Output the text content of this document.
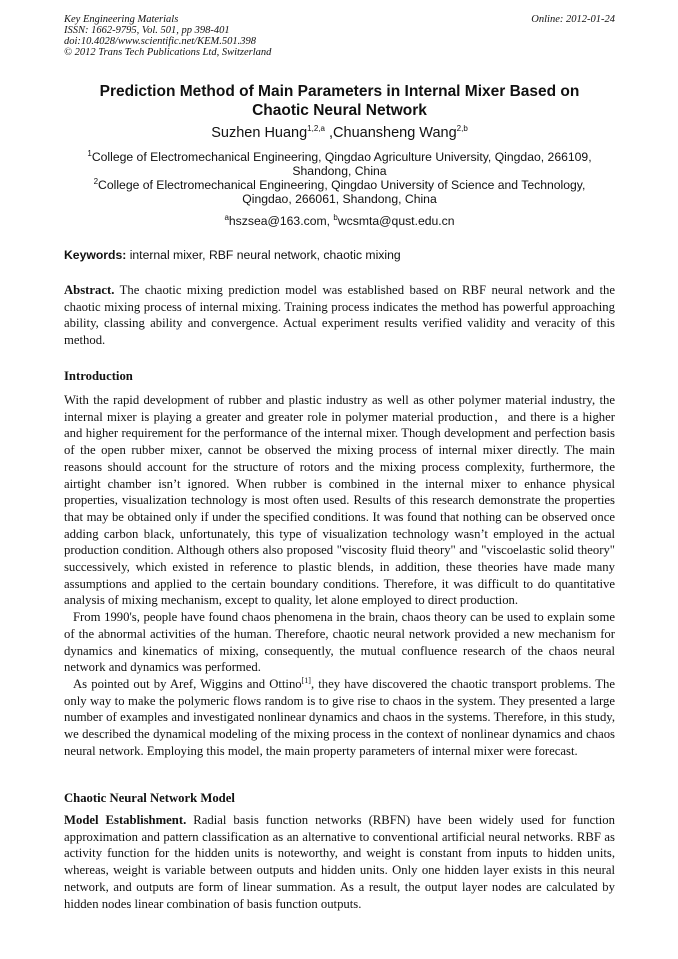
Key Engineering Materials
ISSN: 1662-9795, Vol. 501, pp 398-401
doi:10.4028/www.scientific.net/KEM.501.398
© 2012 Trans Tech Publications Ltd, Switzerland
Online: 2012-01-24
Prediction Method of Main Parameters in Internal Mixer Based on
Chaotic Neural Network
Suzhen Huang$^{1,2,a}$ ,Chuansheng Wang$^{2,b}$
$^1$College of Electromechanical Engineering, Qingdao Agriculture University, Qingdao, 266109,
Shandong, China
$^2$College of Electromechanical Engineering, Qingdao University of Science and Technology,
Qingdao, 266061, Shandong, China
$^a$hszsea@163.com, $^b$wcsmta@qust.edu.cn
Keywords: internal mixer, RBF neural network, chaotic mixing
Abstract. The chaotic mixing prediction model was established based on RBF neural network and the chaotic mixing process of internal mixing. Training process indicates the method has powerful approaching ability, classing ability and convergence. Actual experiment results verified validity and veracity of this method.
Introduction
With the rapid development of rubber and plastic industry as well as other polymer material industry, the internal mixer is playing a greater and greater role in polymer material production，and there is a higher and higher requirement for the performance of the internal mixer. Though development and perfection basis of the open rubber mixer, cannot be observed the mixing process of internal mixer directly. The main reasons should account for the structure of rotors and the mixing process complexity, furthermore, the airtight chamber isn’t ignored. When rubber is combined in the internal mixer to enhance physical properties, visualization technology is most often used. Results of this research demonstrate the properties that may be obtained only if under the specified conditions. It was found that nothing can be observed once adding carbon black, unfortunately, this type of visualization technology wasn’t employed in the actual production condition. Although others also proposed "viscosity fluid theory" and "viscoelastic solid theory" successively, which existed in reference to plastic blends, in addition, these theories have made many assumptions and applied to the certain boundary conditions. Therefore, it was difficult to do quantitative analysis of mixing mechanism, except to quality, let alone employed to direct production.
From 1990's, people have found chaos phenomena in the brain, chaos theory can be used to explain some of the abnormal activities of the human. Therefore, chaotic neural network provided a new mechanism for dynamics and kinematics of mixing, consequently, the mutual confluence research of the chaos neural network and dynamics was performed.
As pointed out by Aref, Wiggins and Ottino[1], they have discovered the chaotic transport problems. The only way to make the polymeric flows random is to give rise to chaos in the system. They presented a large number of examples and investigated nonlinear dynamics and chaos in the systems. Therefore, in this study, we described the dynamical modeling of the mixing process in the context of nonlinear dynamics and chaos neural network. Employing this model, the main property parameters of internal mixer were forecast.
Chaotic Neural Network Model
Model Establishment. Radial basis function networks (RBFN) have been widely used for function approximation and pattern classification as an alternative to conventional artificial neural networks. RBF as activity function for the hidden units is noteworthy, and weight is constant from inputs to hidden units, whereas, weight is variable between outputs and hidden units. Only one hidden layer exists in this neural network, and outputs are form of linear summation. As a result, the output layer nodes are calculated by hidden nodes linear combination of basis function outputs.
